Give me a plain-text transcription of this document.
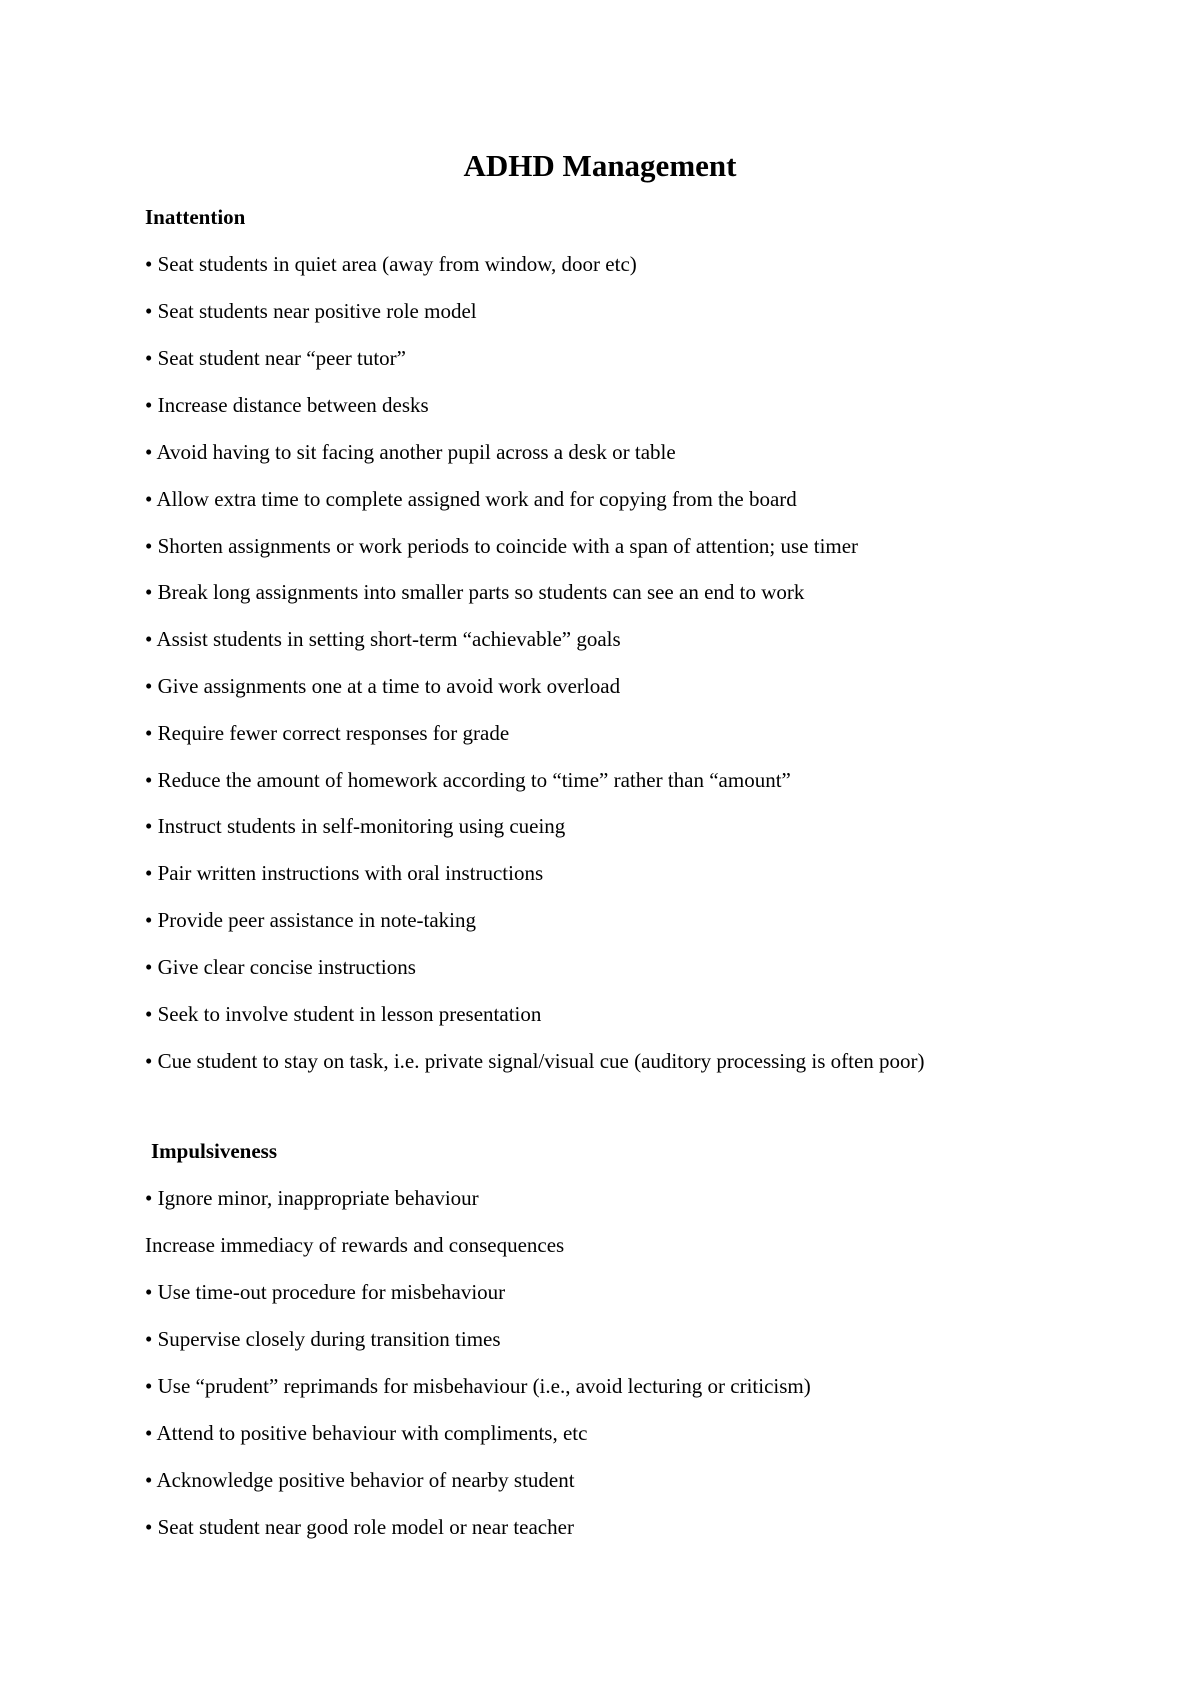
ADHD Management
Inattention
• Seat students in quiet area (away from window, door etc)
• Seat students near positive role model
• Seat student near “peer tutor”
• Increase distance between desks
• Avoid having to sit facing another pupil across a desk or table
• Allow extra time to complete assigned work and for copying from the board
• Shorten assignments or work periods to coincide with a span of attention; use timer
• Break long assignments into smaller parts so students can see an end to work
• Assist students in setting short-term “achievable” goals
• Give assignments one at a time to avoid work overload
• Require fewer correct responses for grade
• Reduce the amount of homework according to “time” rather than “amount”
• Instruct students in self-monitoring using cueing
• Pair written instructions with oral instructions
• Provide peer assistance in note-taking
• Give clear concise instructions
• Seek to involve student in lesson presentation
• Cue student to stay on task, i.e. private signal/visual cue (auditory processing is often poor)
Impulsiveness
• Ignore minor, inappropriate behaviour
Increase immediacy of rewards and consequences
• Use time-out procedure for misbehaviour
• Supervise closely during transition times
• Use “prudent” reprimands for misbehaviour (i.e., avoid lecturing or criticism)
• Attend to positive behaviour with compliments, etc
• Acknowledge positive behavior of nearby student
• Seat student near good role model or near teacher
